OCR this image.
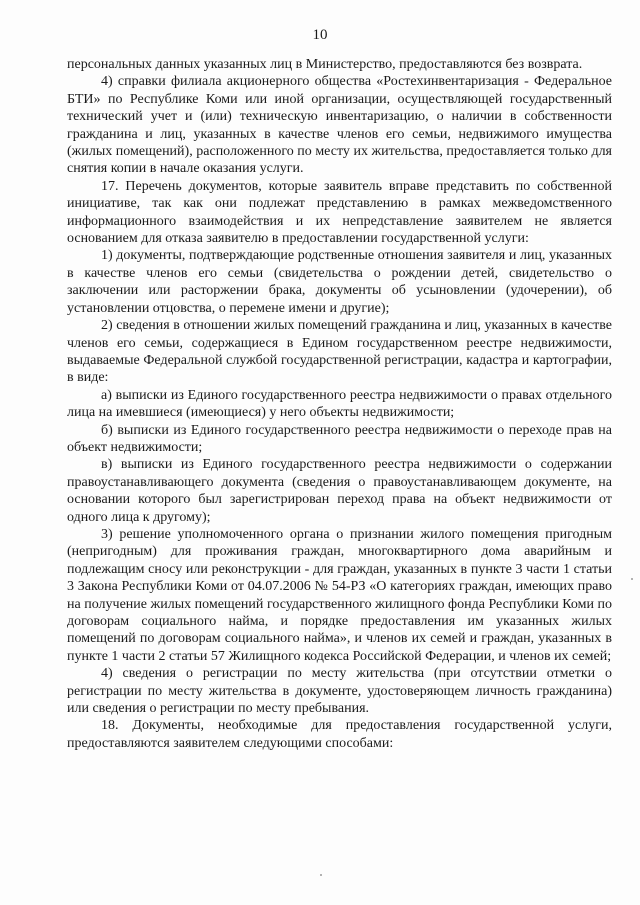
10

персональных данных указанных лиц в Министерство, предоставляются без возврата.

4) справки филиала акционерного общества «Ростехинвентаризация - Федеральное БТИ» по Республике Коми или иной организации, осуществляющей государственный технический учет и (или) техническую инвентаризацию, о наличии в собственности гражданина и лиц, указанных в качестве членов его семьи, недвижимого имущества (жилых помещений), расположенного по месту их жительства, предоставляется только для снятия копии в начале оказания услуги.

17. Перечень документов, которые заявитель вправе представить по собственной инициативе, так как они подлежат представлению в рамках межведомственного информационного взаимодействия и их непредставление заявителем не является основанием для отказа заявителю в предоставлении государственной услуги:

1) документы, подтверждающие родственные отношения заявителя и лиц, указанных в качестве членов его семьи (свидетельства о рождении детей, свидетельство о заключении или расторжении брака, документы об усыновлении (удочерении), об установлении отцовства, о перемене имени и другие);

2) сведения в отношении жилых помещений гражданина и лиц, указанных в качестве членов его семьи, содержащиеся в Едином государственном реестре недвижимости, выдаваемые Федеральной службой государственной регистрации, кадастра и картографии, в виде:

а) выписки из Единого государственного реестра недвижимости о правах отдельного лица на имевшиеся (имеющиеся) у него объекты недвижимости;

б) выписки из Единого государственного реестра недвижимости о переходе прав на объект недвижимости;

в) выписки из Единого государственного реестра недвижимости о содержании правоустанавливающего документа (сведения о правоустанавливающем документе, на основании которого был зарегистрирован переход права на объект недвижимости от одного лица к другому);

3) решение уполномоченного органа о признании жилого помещения пригодным (непригодным) для проживания граждан, многоквартирного дома аварийным и подлежащим сносу или реконструкции - для граждан, указанных в пункте 3 части 1 статьи 3 Закона Республики Коми от 04.07.2006 № 54-РЗ «О категориях граждан, имеющих право на получение жилых помещений государственного жилищного фонда Республики Коми по договорам социального найма, и порядке предоставления им указанных жилых помещений по договорам социального найма», и членов их семей и граждан, указанных в пункте 1 части 2 статьи 57 Жилищного кодекса Российской Федерации, и членов их семей;

4) сведения о регистрации по месту жительства (при отсутствии отметки о регистрации по месту жительства в документе, удостоверяющем личность гражданина) или сведения о регистрации по месту пребывания.

18. Документы, необходимые для предоставления государственной услуги, предоставляются заявителем следующими способами:
